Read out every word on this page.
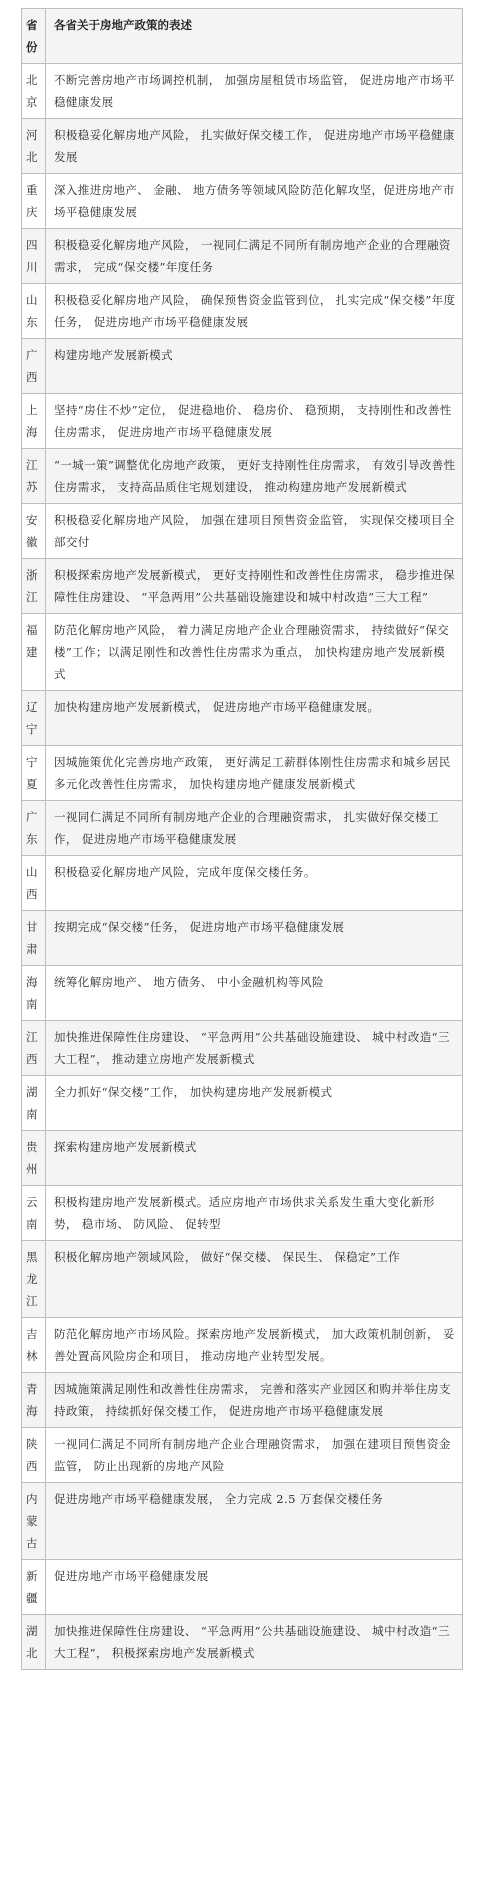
省份	各省关于房地产政策的表述
北京	不断完善房地产市场调控机制， 加强房屋租赁市场监管， 促进房地产市场平稳健康发展
河北	积极稳妥化解房地产风险， 扎实做好保交楼工作， 促进房地产市场平稳健康发展
重庆	深入推进房地产、 金融、 地方债务等领域风险防范化解攻坚，促进房地产市场平稳健康发展
四川	积极稳妥化解房地产风险， 一视同仁满足不同所有制房地产企业的合理融资需求， 完成“保交楼”年度任务
山东	积极稳妥化解房地产风险， 确保预售资金监管到位， 扎实完成“保交楼”年度任务， 促进房地产市场平稳健康发展
广西	构建房地产发展新模式
上海	坚持“房住不炒”定位， 促进稳地价、 稳房价、 稳预期， 支持刚性和改善性住房需求， 促进房地产市场平稳健康发展
江苏	“一城一策”调整优化房地产政策， 更好支持刚性住房需求， 有效引导改善性住房需求， 支持高品质住宅规划建设， 推动构建房地产发展新模式
安徽	积极稳妥化解房地产风险， 加强在建项目预售资金监管， 实现保交楼项目全部交付
浙江	积极探索房地产发展新模式， 更好支持刚性和改善性住房需求， 稳步推进保障性住房建设、 “平急两用”公共基础设施建设和城中村改造“三大工程”
福建	防范化解房地产风险， 着力满足房地产企业合理融资需求， 持续做好“保交楼”工作；以满足刚性和改善性住房需求为重点， 加快构建房地产发展新模式
辽宁	加快构建房地产发展新模式， 促进房地产市场平稳健康发展。
宁夏	因城施策优化完善房地产政策， 更好满足工薪群体刚性住房需求和城乡居民多元化改善性住房需求， 加快构建房地产健康发展新模式
广东	一视同仁满足不同所有制房地产企业的合理融资需求， 扎实做好保交楼工作， 促进房地产市场平稳健康发展
山西	积极稳妥化解房地产风险，完成年度保交楼任务。
甘肃	按期完成“保交楼”任务， 促进房地产市场平稳健康发展
海南	统筹化解房地产、 地方债务、 中小金融机构等风险
江西	加快推进保障性住房建设、 “平急两用”公共基础设施建设、 城中村改造“三大工程”， 推动建立房地产发展新模式
湖南	全力抓好“保交楼”工作， 加快构建房地产发展新模式
贵州	探索构建房地产发展新模式
云南	积极构建房地产发展新模式。适应房地产市场供求关系发生重大变化新形势， 稳市场、 防风险、 促转型
黑龙江	积极化解房地产领域风险， 做好“保交楼、 保民生、 保稳定”工作
吉林	防范化解房地产市场风险。探索房地产发展新模式， 加大政策机制创新， 妥善处置高风险房企和项目， 推动房地产业转型发展。
青海	因城施策满足刚性和改善性住房需求， 完善和落实产业园区和购并举住房支持政策， 持续抓好保交楼工作， 促进房地产市场平稳健康发展
陕西	一视同仁满足不同所有制房地产企业合理融资需求， 加强在建项目预售资金监管， 防止出现新的房地产风险
内蒙古	促进房地产市场平稳健康发展， 全力完成 2.5 万套保交楼任务
新疆	促进房地产市场平稳健康发展
湖北	加快推进保障性住房建设、 “平急两用”公共基础设施建设、 城中村改造“三大工程”， 积极探索房地产发展新模式
